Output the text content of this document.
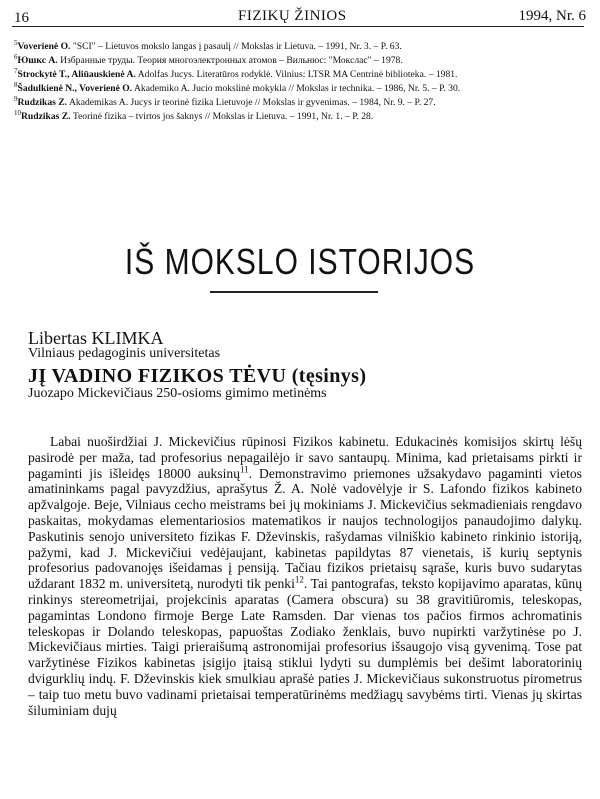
16	FIZIKŲ ŽINIOS	1994, Nr. 6
$^5$Voverienė O. "SCI" – Lietuvos mokslo langas į pasaulį // Mokslas ir Lietuva. – 1991, Nr. 3. – P. 63.
$^6$Юшкс А. Избранные труды. Теория многоэлектронных атомов – Вильнюс: "Мокслас" – 1978.
$^7$Strockytė T., Aliūauskienė A. Adolfas Jucys. Literatūros rodyklė. Vilnius: LTSR MA Centrinė biblioteka. – 1981.
$^8$Šadulkienė N., Voverienė O. Akademiko A. Jucio mokslinė mokykla // Mokslas ir technika. – 1986, Nr. 5. – P. 30.
$^9$Rudzikas Z. Akademikas A. Jucys ir teorinė fizika Lietuvoje // Mokslas ir gyvenimas. – 1984, Nr. 9. – P. 27.
$^{10}$Rudzikas Z. Teorinė fizika – tvirtos jos šaknys // Mokslas ir Lietuva. – 1991, Nr. 1. – P. 28.
IŠ MOKSLO ISTORIJOS
Libertas KLIMKA
Vilniaus pedagoginis universitetas
JĮ VADINO FIZIKOS TĖVU (tęsinys)
Juozapo Mickevičiaus 250-osioms gimimo metinėms

Labai nuoširdžiai J. Mickevičius rūpinosi Fizikos kabinetu. Edukacinės komisijos skirtų lėšų pasirodė per maža, tad profesorius nepagailėjo ir savo santaupų. Minima, kad prietaisams pirkti ir pagaminti jis išleidęs 18000 auksinų$^{11}$. Demonstravimo priemones užsakydavo pagaminti vietos amatininkams pagal pavyzdžius, aprašytus Ž. A. Nolė vadovėlyje ir S. Lafondo fizikos kabineto apžvalgoje. Beje, Vilniaus cecho meistrams bei jų mokiniams J. Mickevičius sekmadieniais rengdavo paskaitas, mokydamas elementariosios matematikos ir naujos technologijos panaudojimo dalykų. Paskutinis senojo universiteto fizikas F. Dževinskis, rašydamas vilniškio kabineto rinkinio istoriją, pažymi, kad J. Mickevičiui vedėjaujant, kabinetas papildytas 87 vienetais, iš kurių septynis profesorius padovanojęs išeidamas į pensiją. Tačiau fizikos prietaisų sąraše, kuris buvo sudarytas uždarant 1832 m. universitetą, nurodyti tik penki$^{12}$. Tai pantografas, teksto kopijavimo aparatas, kūnų rinkinys stereometrijai, projekcinis aparatas (Camera obscura) su 38 gravitiūromis, teleskopas, pagamintas Londono firmoje Berge Late Ramsden. Dar vienas tos pačios firmos achromatinis teleskopas ir Dolando teleskopas, papuoštas Zodiako ženklais, buvo nupirkti varžytinėse po J. Mickevičiaus mirties. Taigi prieraišumą astronomijai profesorius išsaugojo visą gyvenimą. Tose pat varžytinėse Fizikos kabinetas įsigijo įtaisą stiklui lydyti su dumplėmis bei dešimt laboratorinių dvigurklių indų. F. Dževinskis kiek smulkiau aprašė paties J. Mickevičiaus sukonstruotus pirometrus – taip tuo metu buvo vadinami prietaisai temperatūrinėms medžiagų savybėms tirti. Vienas jų skirtas šiluminiam dujų
